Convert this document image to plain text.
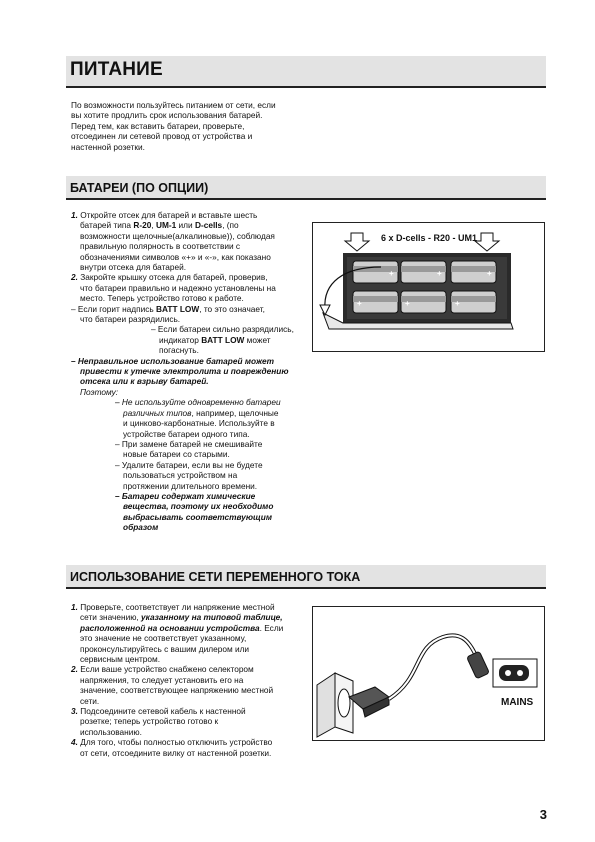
ПИТАНИЕ
По возможности пользуйтесь питанием от сети, если
вы хотите продлить срок использования батарей.
Перед тем, как вставить батареи, проверьте,
отсоединен ли сетевой провод от устройства и
настенной розетки.
БАТАРЕИ (ПО ОПЦИИ)
1. Откройте отсек для батарей и вставьте шесть
батарей типа R-20, UM-1 или D-cells, (по
возможности щелочные(алкалиновые)), соблюдая
правильную полярность в соответствии с
обозначениями символов «+» и «-», как показано
внутри отсека для батарей.
2. Закройте крышку отсека для батарей, проверив,
что батареи правильно и надежно установлены на
место. Теперь устройство готово к работе.
– Если горит надпись BATT LOW, то это означает,
что батареи разрядились.
– Если батареи сильно разрядились,
индикатор BATT LOW может погаснуть.
– Неправильное использование батарей может
привести к утечке электролита и повреждению
отсека или к взрыву батарей.
Поэтому:
– Не используйте одновременно батареи
различных типов, например, щелочные
и цинково-карбонатные. Используйте в
устройстве батареи одного типа.
– При замене батарей не смешивайте
новые батареи со старыми.
– Удалите батареи, если вы не будете
пользоваться устройством на
протяжении длительного времени.
– Батареи содержат химические
вещества, поэтому их необходимо
выбрасывать соответствующим
образом
+	+	+
+	+	+
6 x D-cells - R20 - UM1
ИСПОЛЬЗОВАНИЕ СЕТИ ПЕРЕМЕННОГО ТОКА
1. Проверьте, соответствует ли напряжение местной
сети значению, указанному на типовой таблице,
расположенной на основании устройства. Если
это значение не соответствует указанному,
проконсультируйтесь с вашим дилером или
сервисным центром.
2. Если ваше устройство снабжено селектором
напряжения, то следует установить его на
значение, соответствующее напряжению местной
сети.
3. Подсоедините сетевой кабель к настенной
розетке; теперь устройство готово к
использованию.
4. Для того, чтобы полностью отключить устройство
от сети, отсоедините вилку от настенной розетки.
MAINS
3
